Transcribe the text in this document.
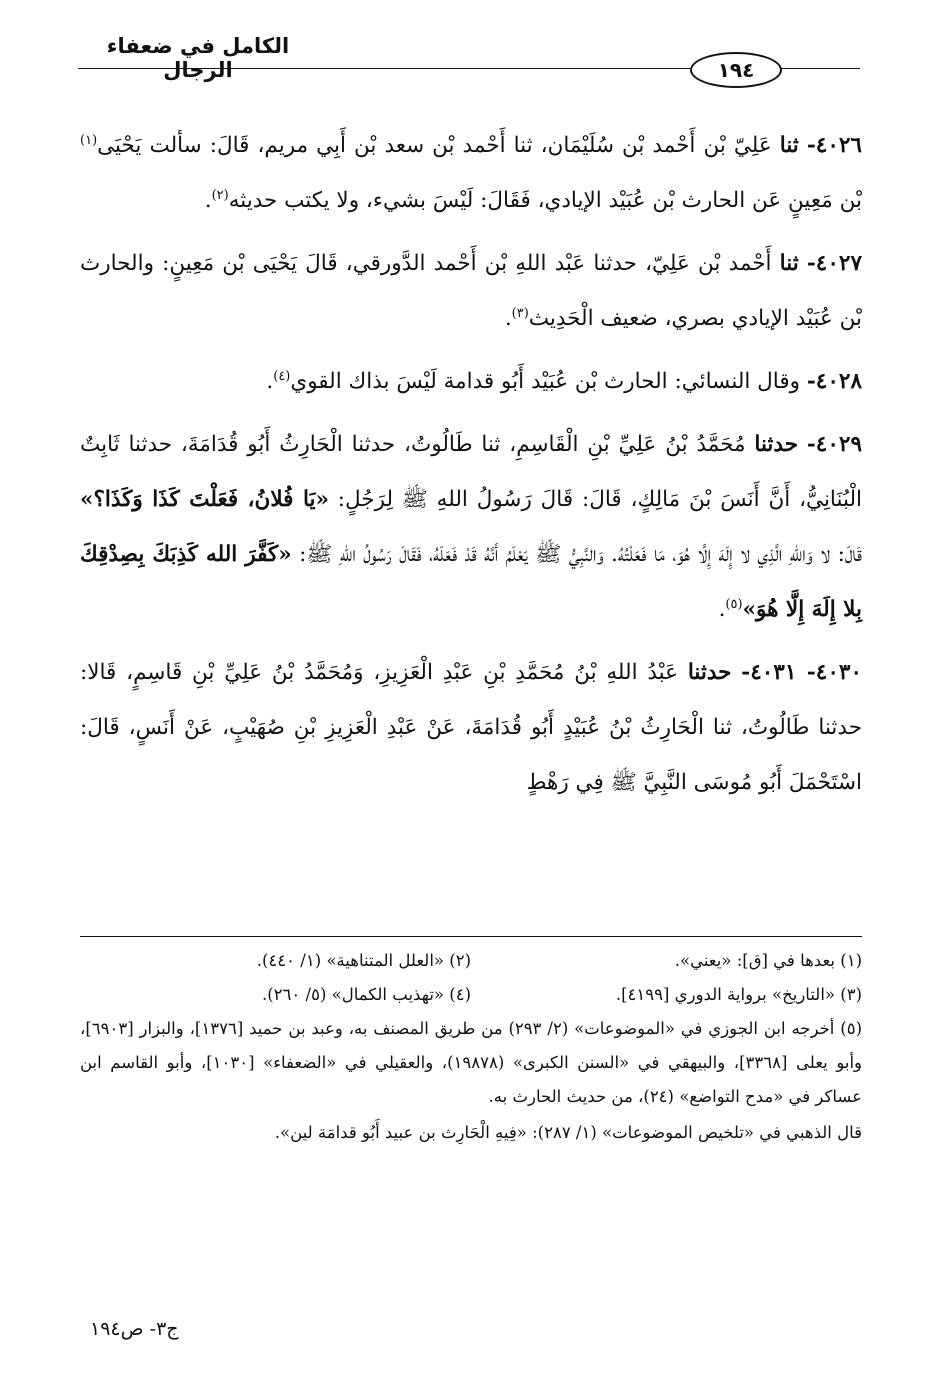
الكامل في ضعفاء الرجال	١٩٤

٤٠٢٦- ثنا عَلِيّ بْن أَحْمد بْن سُلَيْمَان، ثنا أَحْمد بْن سعد بْن أَبِي مريم، قَالَ: سألت يَحْيَى$^{(١)}$ بْن مَعِينٍ عَن الحارث بْن عُبَيْد الإيادي، فَقَالَ: لَيْسَ بشيء، ولا يكتب حديثه$^{(٢)}$.

٤٠٢٧- ثنا أَحْمد بْن عَلِيّ، حدثنا عَبْد اللهِ بْن أَحْمد الدَّورقي، قَالَ يَحْيَى بْن مَعِينٍ: والحارث بْن عُبَيْد الإيادي بصري، ضعيف الْحَدِيث$^{(٣)}$.

٤٠٢٨- وقال النسائي: الحارث بْن عُبَيْد أَبُو قدامة لَيْسَ بذاك القوي$^{(٤)}$.

٤٠٢٩- حدثنا مُحَمَّدُ بْنُ عَلِيِّ بْنِ الْقَاسِمِ، ثنا طَالُوتُ، حدثنا الْحَارِثُ أَبُو قُدَامَةَ، حدثنا ثَابِتٌ الْبُنَانِيُّ، أَنَّ أَنَسَ بْنَ مَالِكٍ، قَالَ: قَالَ رَسُولُ اللهِ ﷺ لِرَجُلٍ: «يَا فُلانُ، فَعَلْتَ كَذَا وَكَذَا؟» قَالَ: لا وَاللهِ الَّذِي لا إِلَهَ إِلَّا هُوَ، مَا فَعَلْتُهُ. وَالنَّبِيُّ ﷺ يَعْلَمُ أَنَّهُ قَدْ فَعَلَهُ، فَقَالَ رَسُولُ اللهِ ﷺ: «كَفَّرَ الله كَذِبَكَ بِصِدْقِكَ بِلا إِلَهَ إِلَّا هُوَ»$^{(٥)}$.

٤٠٣٠- ٤٠٣١- حدثنا عَبْدُ اللهِ بْنُ مُحَمَّدِ بْنِ عَبْدِ الْعَزِيزِ، وَمُحَمَّدُ بْنُ عَلِيِّ بْنِ قَاسِمٍ، قَالا: حدثنا طَالُوتُ، ثنا الْحَارِثُ بْنُ عُبَيْدٍ أَبُو قُدَامَةَ، عَنْ عَبْدِ الْعَزِيزِ بْنِ صُهَيْبٍ، عَنْ أَنَسٍ، قَالَ: اسْتَحْمَلَ أَبُو مُوسَى النَّبِيَّ ﷺ فِي رَهْطٍ

(١) بعدها في [ق]: «يعني».
(٢) «العلل المتناهية» (١/ ٤٤٠).
(٣) «التاريخ» برواية الدوري [٤١٩٩].
(٤) «تهذيب الكمال» (٥/ ٢٦٠).
(٥) أخرجه ابن الجوزي في «الموضوعات» (٢/ ٢٩٣) من طريق المصنف به، وعبد بن حميد [١٣٧٦]، والبزار [٦٩٠٣]، وأبو يعلى [٣٣٦٨]، والبيهقي في «السنن الكبرى» (١٩٨٧٨)، والعقيلي في «الضعفاء» [١٠٣٠]، وأبو القاسم ابن عساكر في «مدح التواضع» (٢٤)، من حديث الحارث به.
قال الذهبي في «تلخيص الموضوعات» (١/ ٢٨٧): «فِيهِ الْحَارِث بن عبيد أَبُو قدامَة لين».
ج٣- ص١٩٤
